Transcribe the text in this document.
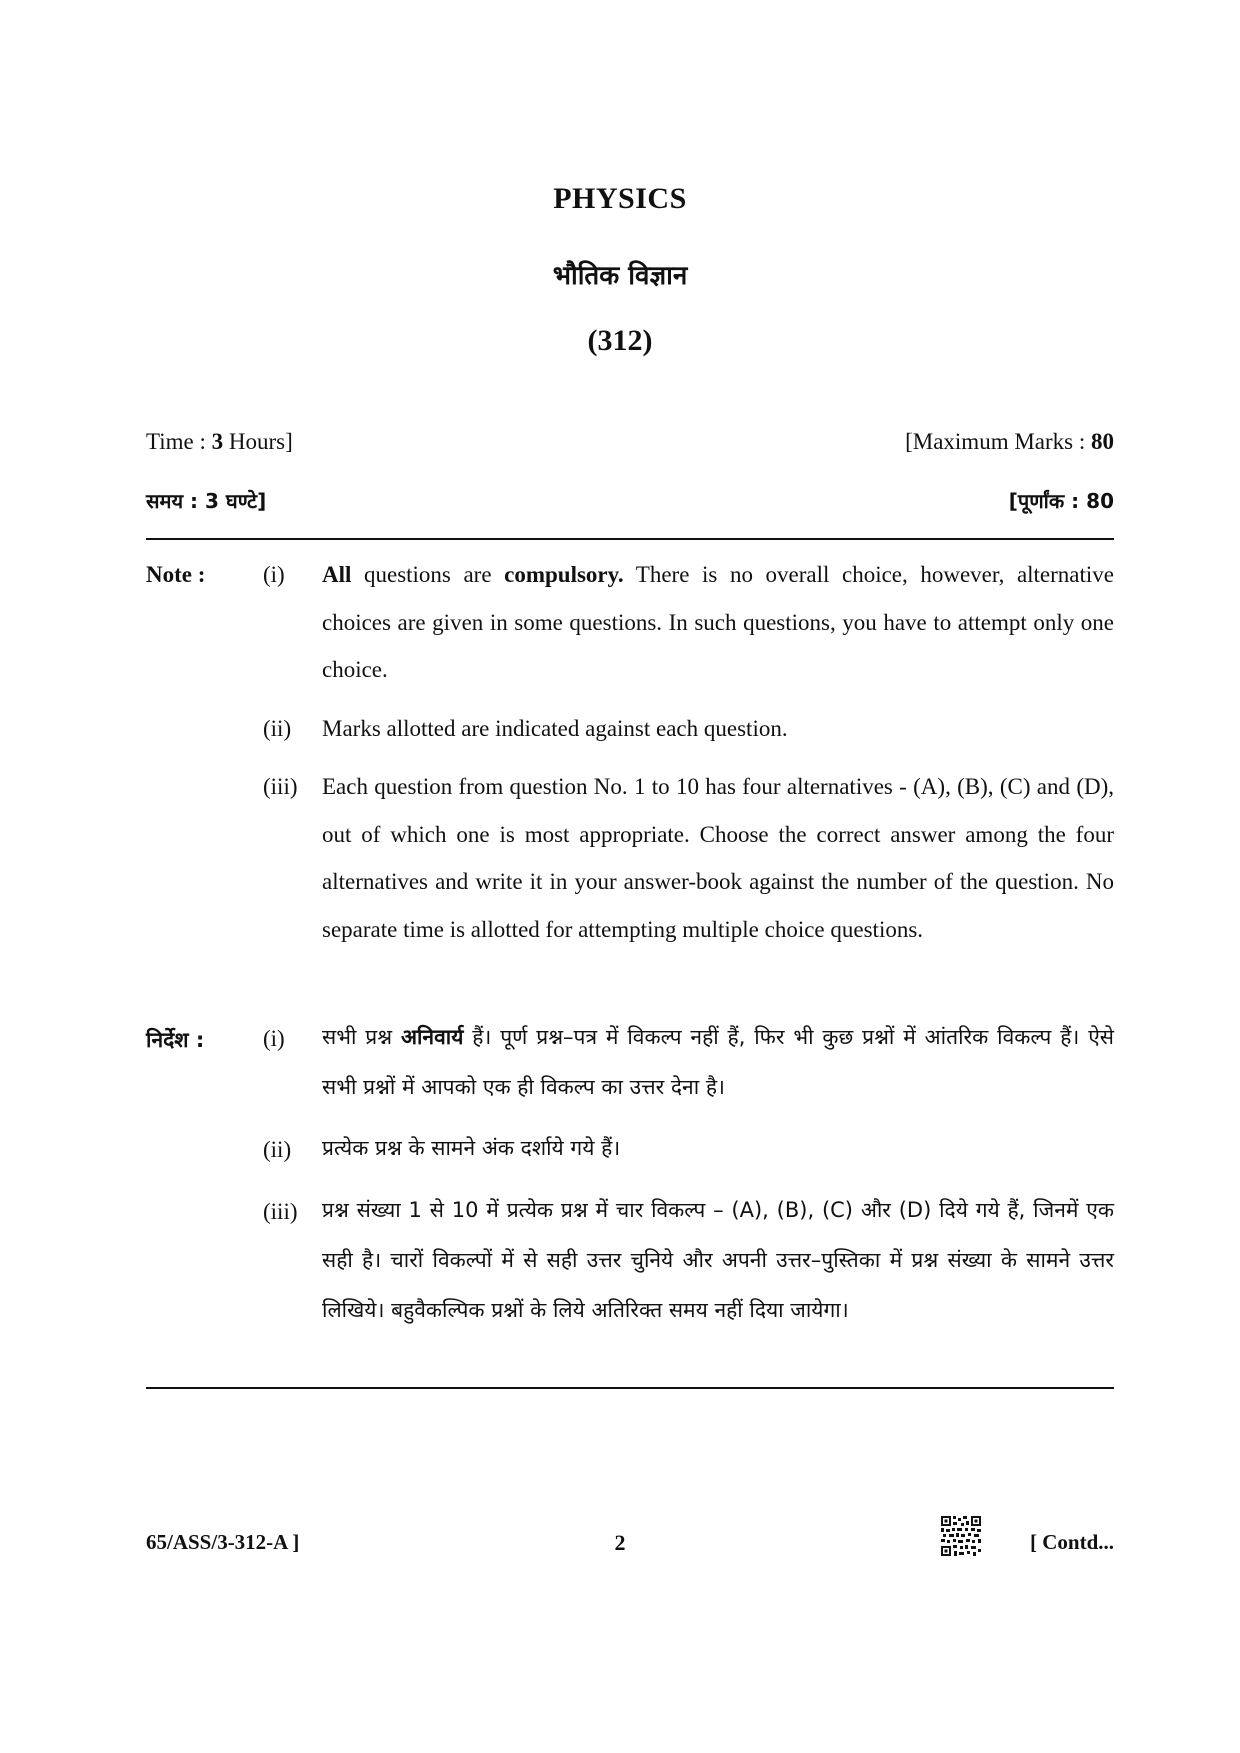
PHYSICS
भौतिक विज्ञान
(312)
Time : 3 Hours]	[Maximum Marks : 80
समय : 3 घण्टे]	[पूर्णांक : 80
Note :	(i) All questions are compulsory. There is no overall choice, however, alternative choices are given in some questions. In such questions, you have to attempt only one choice.
(ii) Marks allotted are indicated against each question.
(iii) Each question from question No. 1 to 10 has four alternatives - (A), (B), (C) and (D), out of which one is most appropriate. Choose the correct answer among the four alternatives and write it in your answer-book against the number of the question. No separate time is allotted for attempting multiple choice questions.
निर्देश :	(i) सभी प्रश्न अनिवार्य हैं। पूर्ण प्रश्न–पत्र में विकल्प नहीं हैं, फिर भी कुछ प्रश्नों में आंतरिक विकल्प हैं। ऐसे सभी प्रश्नों में आपको एक ही विकल्प का उत्तर देना है।
(ii) प्रत्येक प्रश्न के सामने अंक दर्शाये गये हैं।
(iii) प्रश्न संख्या 1 से 10 में प्रत्येक प्रश्न में चार विकल्प – (A), (B), (C) और (D) दिये गये हैं, जिनमें एक सही है। चारों विकल्पों में से सही उत्तर चुनिये और अपनी उत्तर–पुस्तिका में प्रश्न संख्या के सामने उत्तर लिखिये। बहुवैकल्पिक प्रश्नों के लिये अतिरिक्त समय नहीं दिया जायेगा।
65/ASS/3-312-A ]	2	[ Contd...
